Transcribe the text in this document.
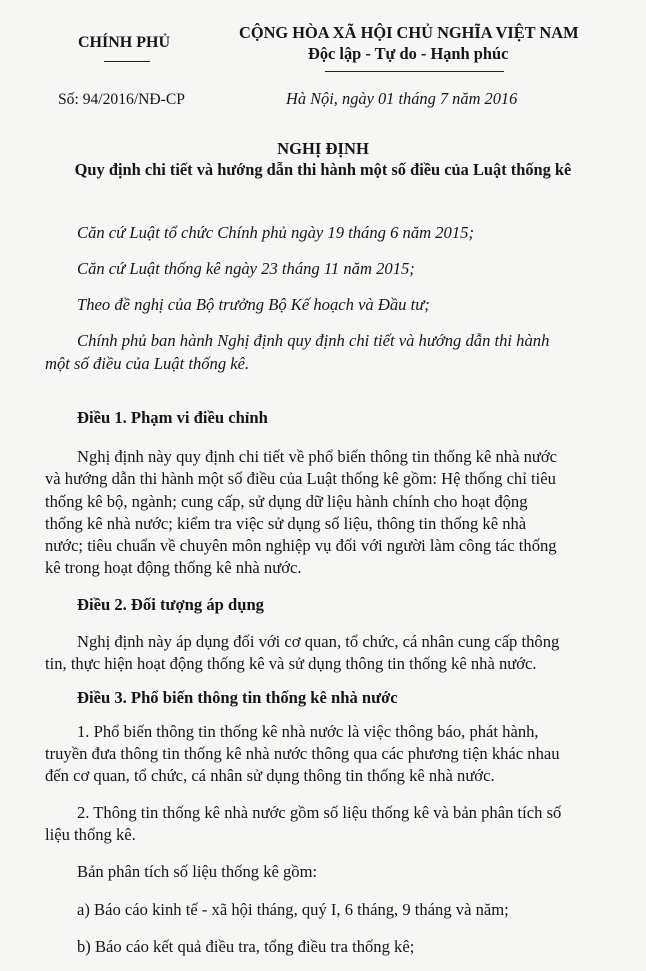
CHÍNH PHỦ
CỘNG HÒA XÃ HỘI CHỦ NGHĨA VIỆT NAM
Độc lập - Tự do - Hạnh phúc
Số: 94/2016/NĐ-CP	Hà Nội, ngày 01 tháng 7 năm 2016
NGHỊ ĐỊNH
Quy định chi tiết và hướng dẫn thi hành một số điều của Luật thống kê
Căn cứ Luật tổ chức Chính phủ ngày 19 tháng 6 năm 2015;
Căn cứ Luật thống kê ngày 23 tháng 11 năm 2015;
Theo đề nghị của Bộ trưởng Bộ Kế hoạch và Đầu tư;
Chính phủ ban hành Nghị định quy định chi tiết và hướng dẫn thi hành
một số điều của Luật thống kê.
Điều 1. Phạm vi điều chỉnh
Nghị định này quy định chi tiết về phổ biến thông tin thống kê nhà nước
và hướng dẫn thi hành một số điều của Luật thống kê gồm: Hệ thống chỉ tiêu
thống kê bộ, ngành; cung cấp, sử dụng dữ liệu hành chính cho hoạt động
thống kê nhà nước; kiểm tra việc sử dụng số liệu, thông tin thống kê nhà
nước; tiêu chuẩn về chuyên môn nghiệp vụ đối với người làm công tác thống
kê trong hoạt động thống kê nhà nước.
Điều 2. Đối tượng áp dụng
Nghị định này áp dụng đối với cơ quan, tổ chức, cá nhân cung cấp thông
tin, thực hiện hoạt động thống kê và sử dụng thông tin thống kê nhà nước.
Điều 3. Phổ biến thông tin thống kê nhà nước
1. Phổ biến thông tin thống kê nhà nước là việc thông báo, phát hành,
truyền đưa thông tin thống kê nhà nước thông qua các phương tiện khác nhau
đến cơ quan, tổ chức, cá nhân sử dụng thông tin thống kê nhà nước.
2. Thông tin thống kê nhà nước gồm số liệu thống kê và bản phân tích số
liệu thống kê.
Bản phân tích số liệu thống kê gồm:
a) Báo cáo kinh tế - xã hội tháng, quý I, 6 tháng, 9 tháng và năm;
b) Báo cáo kết quả điều tra, tổng điều tra thống kê;
